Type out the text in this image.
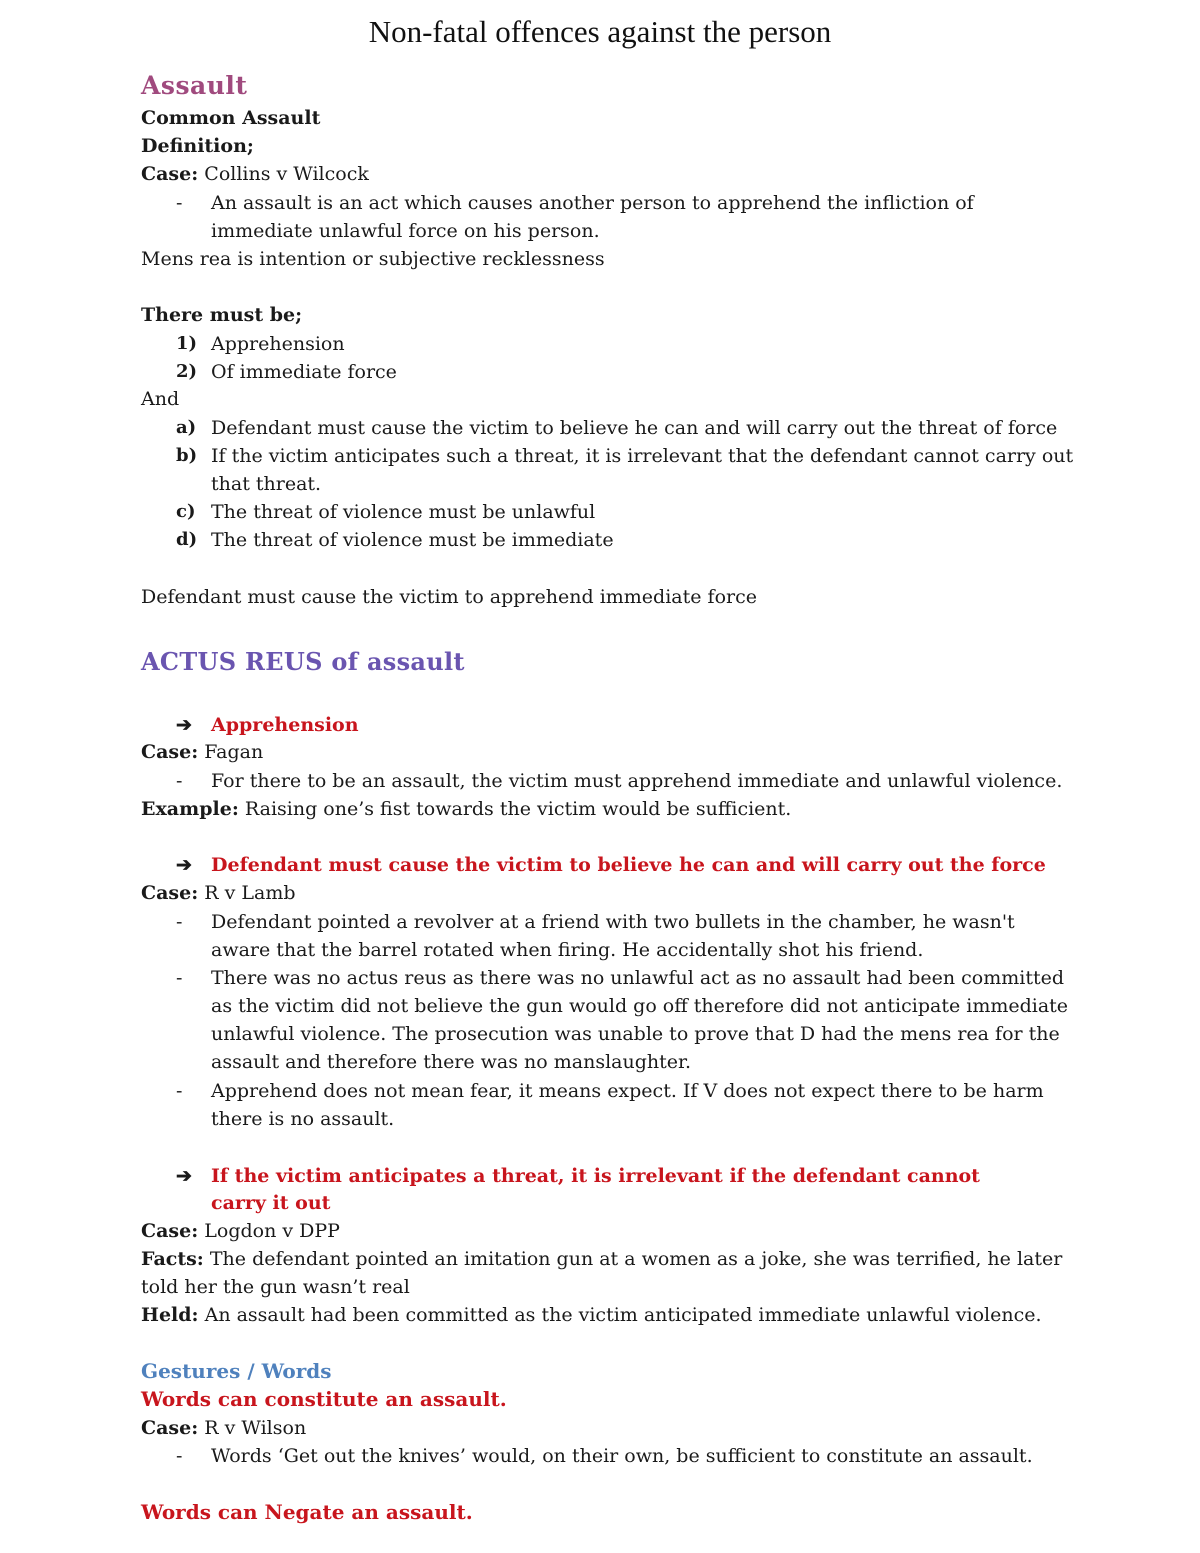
Non-fatal offences against the person
Assault
Common Assault
Definition;
Case: Collins v Wilcock
- An assault is an act which causes another person to apprehend the infliction of
immediate unlawful force on his person.
Mens rea is intention or subjective recklessness
There must be;
1) Apprehension
2) Of immediate force
And
a) Defendant must cause the victim to believe he can and will carry out the threat of force
b) If the victim anticipates such a threat, it is irrelevant that the defendant cannot carry out
that threat.
c) The threat of violence must be unlawful
d) The threat of violence must be immediate
Defendant must cause the victim to apprehend immediate force
ACTUS REUS of assault
➔ Apprehension
Case: Fagan
- For there to be an assault, the victim must apprehend immediate and unlawful violence.
Example: Raising one’s fist towards the victim would be sufficient.
➔ Defendant must cause the victim to believe he can and will carry out the force
Case: R v Lamb
- Defendant pointed a revolver at a friend with two bullets in the chamber, he wasn't
aware that the barrel rotated when firing. He accidentally shot his friend.
- There was no actus reus as there was no unlawful act as no assault had been committed
as the victim did not believe the gun would go off therefore did not anticipate immediate
unlawful violence. The prosecution was unable to prove that D had the mens rea for the
assault and therefore there was no manslaughter.
- Apprehend does not mean fear, it means expect. If V does not expect there to be harm
there is no assault.
➔ If the victim anticipates a threat, it is irrelevant if the defendant cannot
carry it out
Case: Logdon v DPP
Facts: The defendant pointed an imitation gun at a women as a joke, she was terrified, he later
told her the gun wasn’t real
Held: An assault had been committed as the victim anticipated immediate unlawful violence.
Gestures / Words
Words can constitute an assault.
Case: R v Wilson
- Words ‘Get out the knives’ would, on their own, be sufficient to constitute an assault.
Words can Negate an assault.
